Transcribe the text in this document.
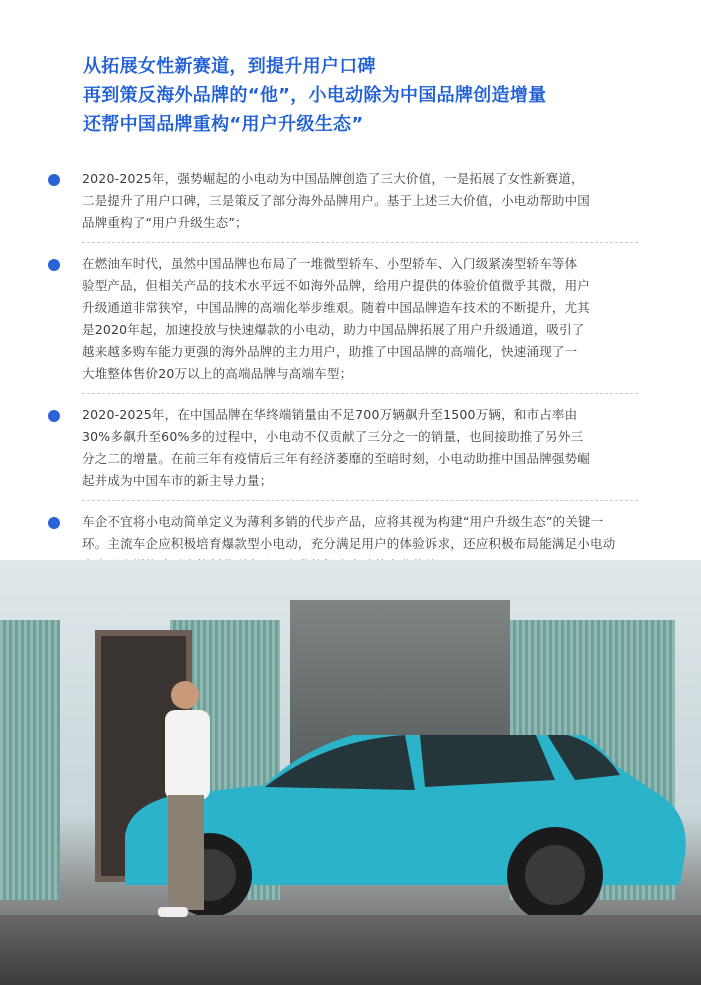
从拓展女性新赛道，到提升用户口碑
再到策反海外品牌的“他”，小电动除为中国品牌创造增量
还帮中国品牌重构“用户升级生态”
2020-2025年，强势崛起的小电动为中国品牌创造了三大价值，一是拓展了女性新赛道，
二是提升了用户口碑，三是策反了部分海外品牌用户。基于上述三大价值，小电动帮助中国
品牌重构了“用户升级生态”；
在燃油车时代，虽然中国品牌也布局了一堆微型轿车、小型轿车、入门级紧凑型轿车等体
验型产品，但相关产品的技术水平远不如海外品牌，给用户提供的体验价值微乎其微，用户
升级通道非常狭窄，中国品牌的高端化举步维艰。随着中国品牌造车技术的不断提升，尤其
是2020年起，加速投放与快速爆款的小电动，助力中国品牌拓展了用户升级通道，吸引了
越来越多购车能力更强的海外品牌的主力用户，助推了中国品牌的高端化，快速涌现了一
大堆整体售价20万以上的高端品牌与高端车型；
2020-2025年，在中国品牌在华终端销量由不足700万辆飙升至1500万辆，和市占率由
30%多飙升至60%多的过程中，小电动不仅贡献了三分之一的销量，也间接助推了另外三
分之二的增量。在前三年有疫情后三年有经济萎靡的至暗时刻，小电动助推中国品牌强势崛
起并成为中国车市的新主导力量；
车企不宜将小电动简单定义为薄利多销的代步产品，应将其视为构建“用户升级生态”的关键一
环。主流车企应积极培育爆款型小电动，充分满足用户的体验诉求，还应积极布局能满足小电动
